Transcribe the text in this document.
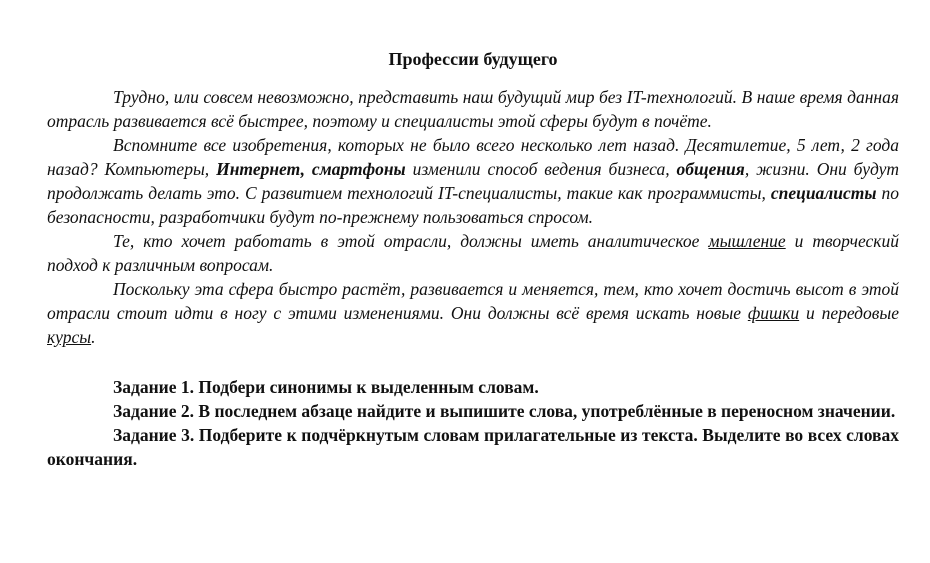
Профессии будущего

Трудно, или совсем невозможно, представить наш будущий мир без IT-технологий. В наше время данная отрасль развивается всё быстрее, поэтому и специалисты этой сферы будут в почёте.

Вспомните все изобретения, которых не было всего несколько лет назад. Десятилетие, 5 лет, 2 года назад? Компьютеры, Интернет, смартфоны изменили способ ведения бизнеса, общения, жизни. Они будут продолжать делать это. С развитием технологий IT-специалисты, такие как программисты, специалисты по безопасности, разработчики будут по-прежнему пользоваться спросом.

Те, кто хочет работать в этой отрасли, должны иметь аналитическое мышление и творческий подход к различным вопросам.

Поскольку эта сфера быстро растёт, развивается и меняется, тем, кто хочет достичь высот в этой отрасли стоит идти в ногу с этими изменениями. Они должны всё время искать новые фишки и передовые курсы.

Задание 1. Подбери синонимы к выделенным словам.

Задание 2. В последнем абзаце найдите и выпишите слова, употреблённые в переносном значении.

Задание 3. Подберите к подчёркнутым словам прилагательные из текста. Выделите во всех словах окончания.
